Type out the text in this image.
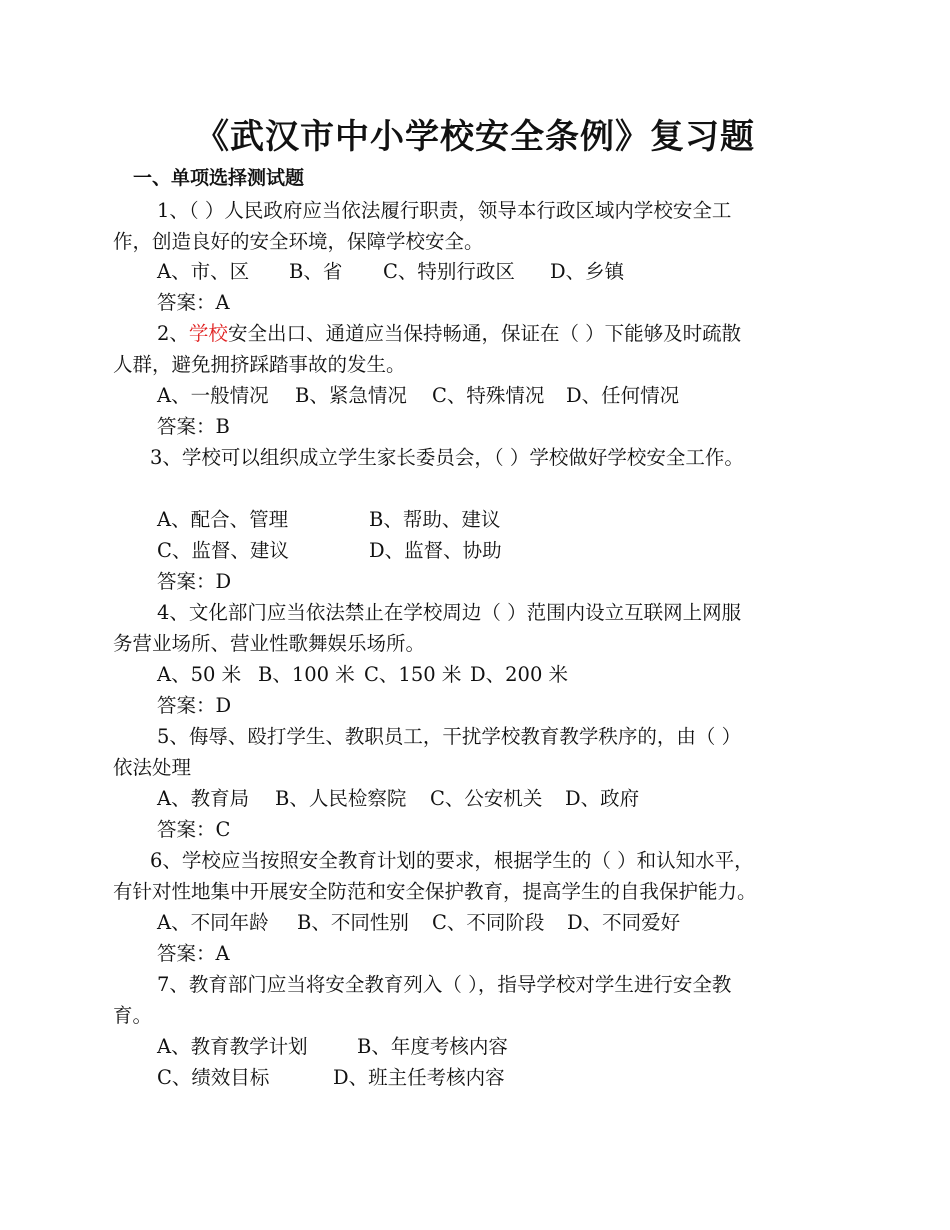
《武汉市中小学校安全条例》复习题
一、单项选择测试题
1、（ ）人民政府应当依法履行职责，领导本行政区域内学校安全工
作，创造良好的安全环境，保障学校安全。
A、市、区 B、省 C、特别行政区 D、乡镇
答案：A
2、学校安全出口、通道应当保持畅通，保证在（ ）下能够及时疏散
人群，避免拥挤踩踏事故的发生。
A、一般情况 B、紧急情况 C、特殊情况 D、任何情况
答案：B
3、学校可以组织成立学生家长委员会，（ ）学校做好学校安全工作。
A、配合、管理	B、帮助、建议
C、监督、建议	D、监督、协助
答案：D
4、文化部门应当依法禁止在学校周边（ ）范围内设立互联网上网服
务营业场所、营业性歌舞娱乐场所。
A、50 米 B、100 米 C、150 米 D、200 米
答案：D
5、侮辱、殴打学生、教职员工，干扰学校教育教学秩序的，由（ ）
依法处理
A、教育局 B、人民检察院 C、公安机关 D、政府
答案：C
6、学校应当按照安全教育计划的要求，根据学生的（ ）和认知水平，
有针对性地集中开展安全防范和安全保护教育，提高学生的自我保护能力。
A、不同年龄 B、不同性别 C、不同阶段 D、不同爱好
答案：A
7、教育部门应当将安全教育列入（ ），指导学校对学生进行安全教
育。
A、教育教学计划	B、年度考核内容
C、绩效目标	D、班主任考核内容
